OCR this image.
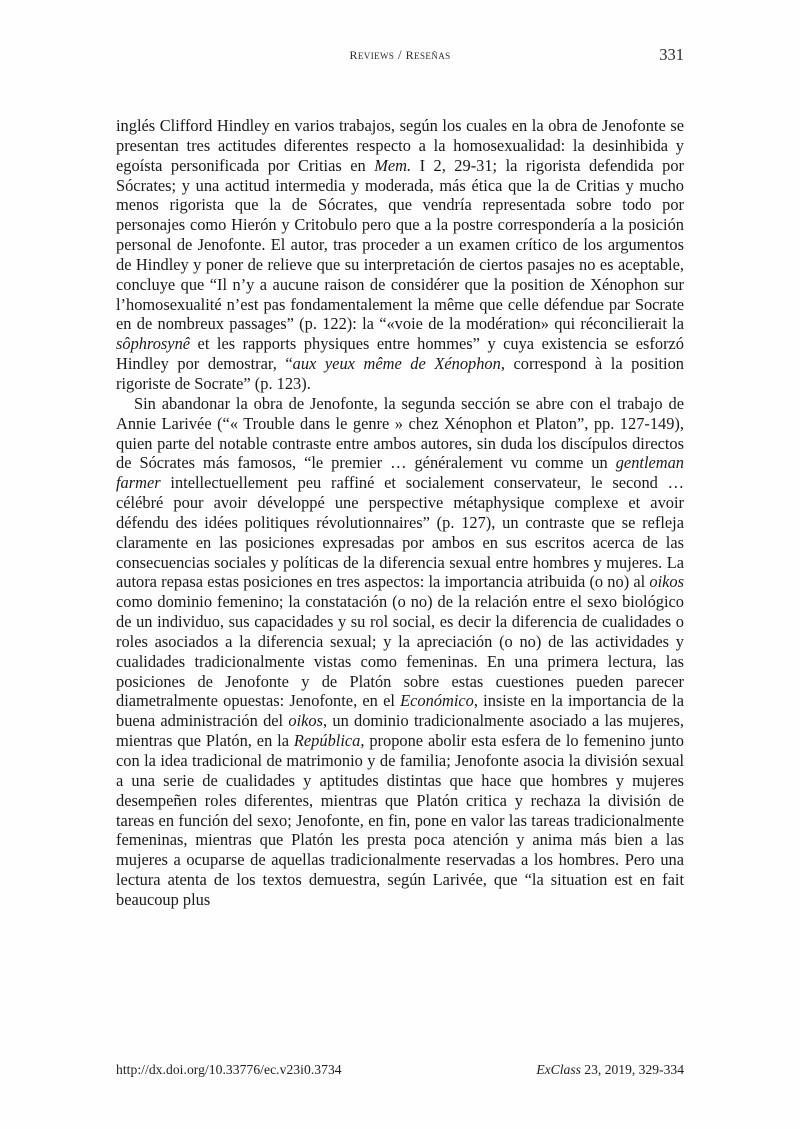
reviews / reseñas	331

inglés Clifford Hindley en varios trabajos, según los cuales en la obra de Jenofonte se presentan tres actitudes diferentes respecto a la homosexualidad: la desinhibida y egoísta personificada por Critias en Mem. I 2, 29-31; la rigorista defendida por Sócrates; y una actitud intermedia y moderada, más ética que la de Critias y mucho menos rigorista que la de Sócrates, que vendría representada sobre todo por personajes como Hierón y Critobulo pero que a la postre correspondería a la posición personal de Jenofonte. El autor, tras proceder a un examen crítico de los argumentos de Hindley y poner de relieve que su interpretación de ciertos pasajes no es aceptable, concluye que “Il n’y a aucune raison de considérer que la position de Xénophon sur l’homosexualité n’est pas fondamentalement la même que celle défendue par Socrate en de nombreux passages” (p. 122): la “«voie de la modération» qui réconcilierait la sôphrosynê et les rapports physiques entre hommes” y cuya existencia se esforzó Hindley por demostrar, “aux yeux même de Xénophon, correspond à la position rigoriste de Socrate” (p. 123).

Sin abandonar la obra de Jenofonte, la segunda sección se abre con el trabajo de Annie Larivée (“« Trouble dans le genre » chez Xénophon et Platon”, pp. 127-149), quien parte del notable contraste entre ambos autores, sin duda los discípulos directos de Sócrates más famosos, “le premier … généralement vu comme un gentleman farmer intellectuellement peu raffiné et socialement conservateur, le second … célébré pour avoir développé une perspective métaphysique complexe et avoir défendu des idées politiques révolutionnaires” (p. 127), un contraste que se refleja claramente en las posiciones expresadas por ambos en sus escritos acerca de las consecuencias sociales y políticas de la diferencia sexual entre hombres y mujeres. La autora repasa estas posiciones en tres aspectos: la importancia atribuida (o no) al oikos como dominio femenino; la constatación (o no) de la relación entre el sexo biológico de un individuo, sus capacidades y su rol social, es decir la diferencia de cualidades o roles asociados a la diferencia sexual; y la apreciación (o no) de las actividades y cualidades tradicionalmente vistas como femeninas. En una primera lectura, las posiciones de Jenofonte y de Platón sobre estas cuestiones pueden parecer diametralmente opuestas: Jenofonte, en el Económico, insiste en la importancia de la buena administración del oikos, un dominio tradicionalmente asociado a las mujeres, mientras que Platón, en la República, propone abolir esta esfera de lo femenino junto con la idea tradicional de matrimonio y de familia; Jenofonte asocia la división sexual a una serie de cualidades y aptitudes distintas que hace que hombres y mujeres desempeñen roles diferentes, mientras que Platón critica y rechaza la división de tareas en función del sexo; Jenofonte, en fin, pone en valor las tareas tradicionalmente femeninas, mientras que Platón les presta poca atención y anima más bien a las mujeres a ocuparse de aquellas tradicionalmente reservadas a los hombres. Pero una lectura atenta de los textos demuestra, según Larivée, que “la situation est en fait beaucoup plus

http://dx.doi.org/10.33776/ec.v23i0.3734	ExClass 23, 2019, 329-334
